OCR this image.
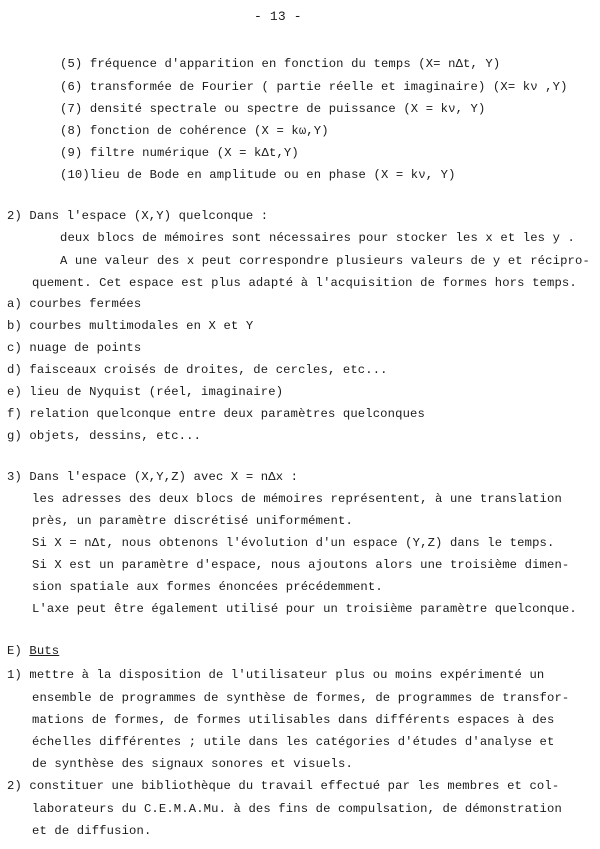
- 13 -
(5) fréquence d'apparition en fonction du temps (X= nΔt, Y)
(6) transformée de Fourier ( partie réelle et imaginaire) (X= kν ,Y)
(7) densité spectrale ou spectre de puissance (X = kν, Y)
(8) fonction de cohérence (X = kω,Y)
(9) filtre numérique (X = kΔt,Y)
(10)lieu de Bode en amplitude ou en phase (X = kν, Y)
2) Dans l'espace (X,Y) quelconque :
deux blocs de mémoires sont nécessaires pour stocker les x et les y .
A une valeur des x peut correspondre plusieurs valeurs de y et récipro-
quement. Cet espace est plus adapté à l'acquisition de formes hors temps.
a) courbes fermées
b) courbes multimodales en X et Y
c) nuage de points
d) faisceaux croisés de droites, de cercles, etc...
e) lieu de Nyquist (réel, imaginaire)
f) relation quelconque entre deux paramètres quelconques
g) objets, dessins, etc...
3) Dans l'espace (X,Y,Z) avec X = nΔx :
les adresses des deux blocs de mémoires représentent, à une translation
près, un paramètre discrétisé uniformément.
Si X = nΔt, nous obtenons l'évolution d'un espace (Y,Z) dans le temps.
Si X est un paramètre d'espace, nous ajoutons alors une troisième dimen-
sion spatiale aux formes énoncées précédemment.
L'axe peut être également utilisé pour un troisième paramètre quelconque.
E) Buts
1) mettre à la disposition de l'utilisateur plus ou moins expérimenté un
ensemble de programmes de synthèse de formes, de programmes de transfor-
mations de formes, de formes utilisables dans différents espaces à des
échelles différentes ; utile dans les catégories d'études d'analyse et
de synthèse des signaux sonores et visuels.
2) constituer une bibliothèque du travail effectué par les membres et col-
laborateurs du C.E.M.A.Mu. à des fins de compulsation, de démonstration
et de diffusion.
